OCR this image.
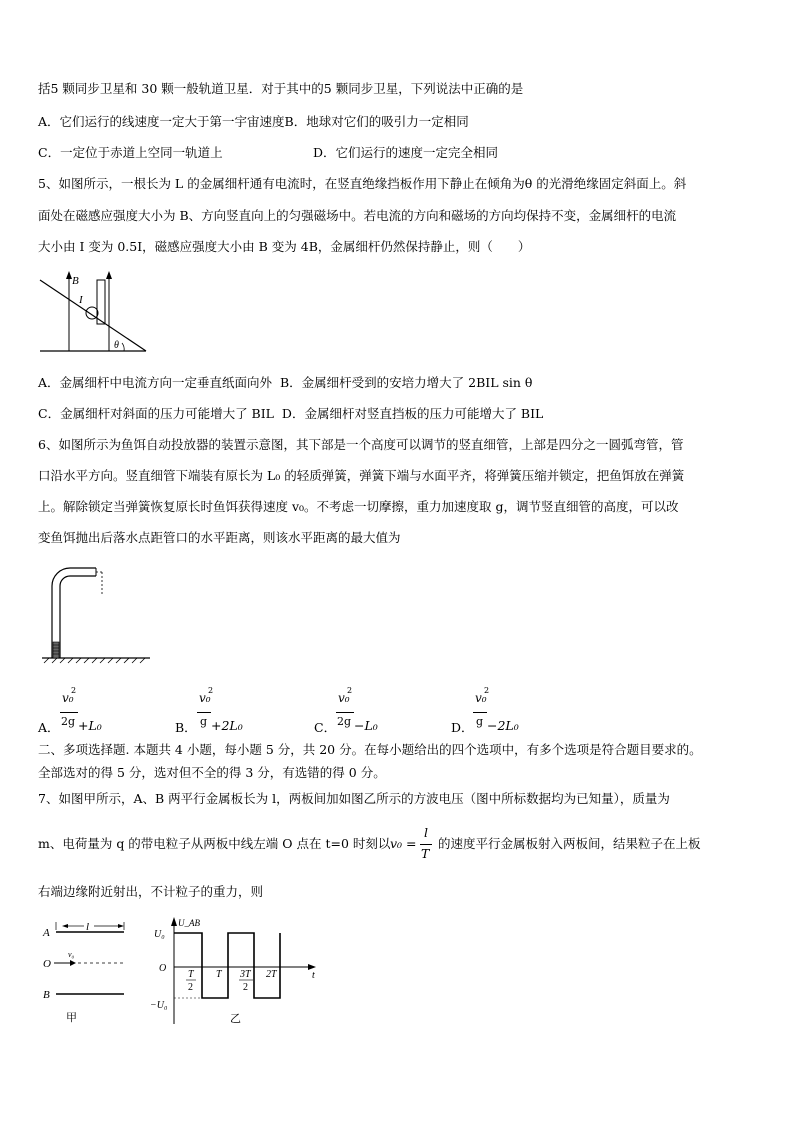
括5 颗同步卫星和 30 颗一般轨道卫星．对于其中的5 颗同步卫星，下列说法中正确的是
A．它们运行的线速度一定大于第一宇宙速度B．地球对它们的吸引力一定相同
C．一定位于赤道上空同一轨道上	D．它们运行的速度一定完全相同
5、如图所示，一根长为 L 的金属细杆通有电流时，在竖直绝缘挡板作用下静止在倾角为θ 的光滑绝缘固定斜面上。斜
面处在磁感应强度大小为 B、方向竖直向上的匀强磁场中。若电流的方向和磁场的方向均保持不变，金属细杆的电流
大小由 I 变为 0.5I，磁感应强度大小由 B 变为 4B，金属细杆仍然保持静止，则（　　）
B
I
θ
A．金属细杆中电流方向一定垂直纸面向外 B．金属细杆受到的安培力增大了 2BIL sin θ
C．金属细杆对斜面的压力可能增大了 BIL D．金属细杆对竖直挡板的压力可能增大了 BIL
6、如图所示为鱼饵自动投放器的装置示意图，其下部是一个高度可以调节的竖直细管，上部是四分之一圆弧弯管，管
口沿水平方向。竖直细管下端装有原长为 L₀ 的轻质弹簧，弹簧下端与水面平齐，将弹簧压缩并锁定，把鱼饵放在弹簧
上。解除锁定当弹簧恢复原长时鱼饵获得速度 v₀。不考虑一切摩擦，重力加速度取 g，调节竖直细管的高度，可以改
变鱼饵抛出后落水点距管口的水平距离，则该水平距离的最大值为
v₀
2
A． 2g +L₀
v₀
2
B． g +2L₀
v₀
2
C． 2g −L₀
v₀
2
D． g −2L₀
二、多项选择题. 本题共 4 小题，每小题 5 分，共 20 分。在每小题给出的四个选项中，有多个选项是符合题目要求的。
全部选对的得 5 分，选对但不全的得 3 分，有选错的得 0 分。
7、如图甲所示，A、B 两平行金属板长为 l，两板间加如图乙所示的方波电压（图中所标数据均为已知量），质量为
m、电荷量为 q 的带电粒子从两板中线左端 O 点在 t=0 时刻以 v₀ =
l
T
的速度平行金属板射入两板间，结果粒子在上板
右端边缘附近射出，不计粒子的重力，则
A	l
O
v₀
B
甲
U_AB
U₀
O
−U₀
t
T
2
T 3T
2
2T
乙
